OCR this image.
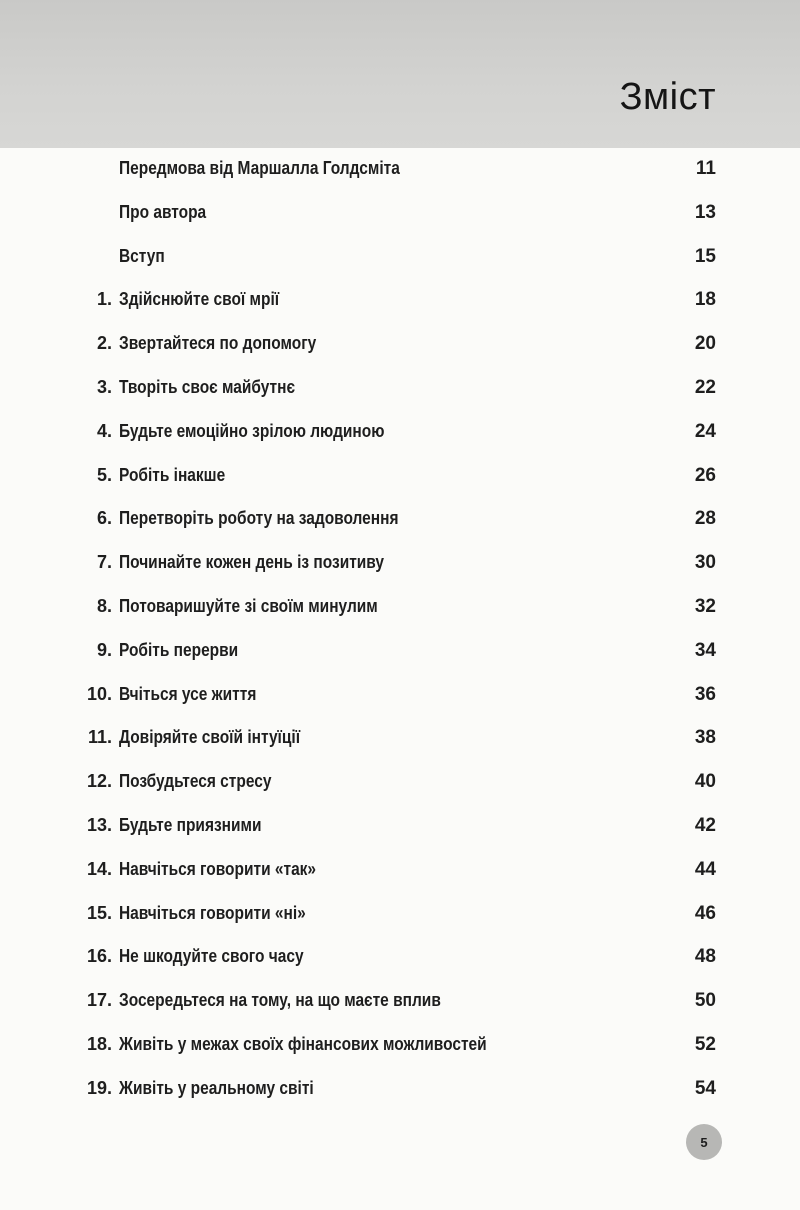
Зміст
Передмова від Маршалла Голдсміта	11
Про автора	13
Вступ	15
1. Здійснюйте свої мрії	18
2. Звертайтеся по допомогу	20
3. Творіть своє майбутнє	22
4. Будьте емоційно зрілою людиною	24
5. Робіть інакше	26
6. Перетворіть роботу на задоволення	28
7. Починайте кожен день із позитиву	30
8. Потоваришуйте зі своїм минулим	32
9. Робіть перерви	34
10. Вчіться усе життя	36
11. Довіряйте своїй інтуїції	38
12. Позбудьтеся стресу	40
13. Будьте приязними	42
14. Навчіться говорити «так»	44
15. Навчіться говорити «ні»	46
16. Не шкодуйте свого часу	48
17. Зосередьтеся на тому, на що маєте вплив	50
18. Живіть у межах своїх фінансових можливостей	52
19. Живіть у реальному світі	54
5
